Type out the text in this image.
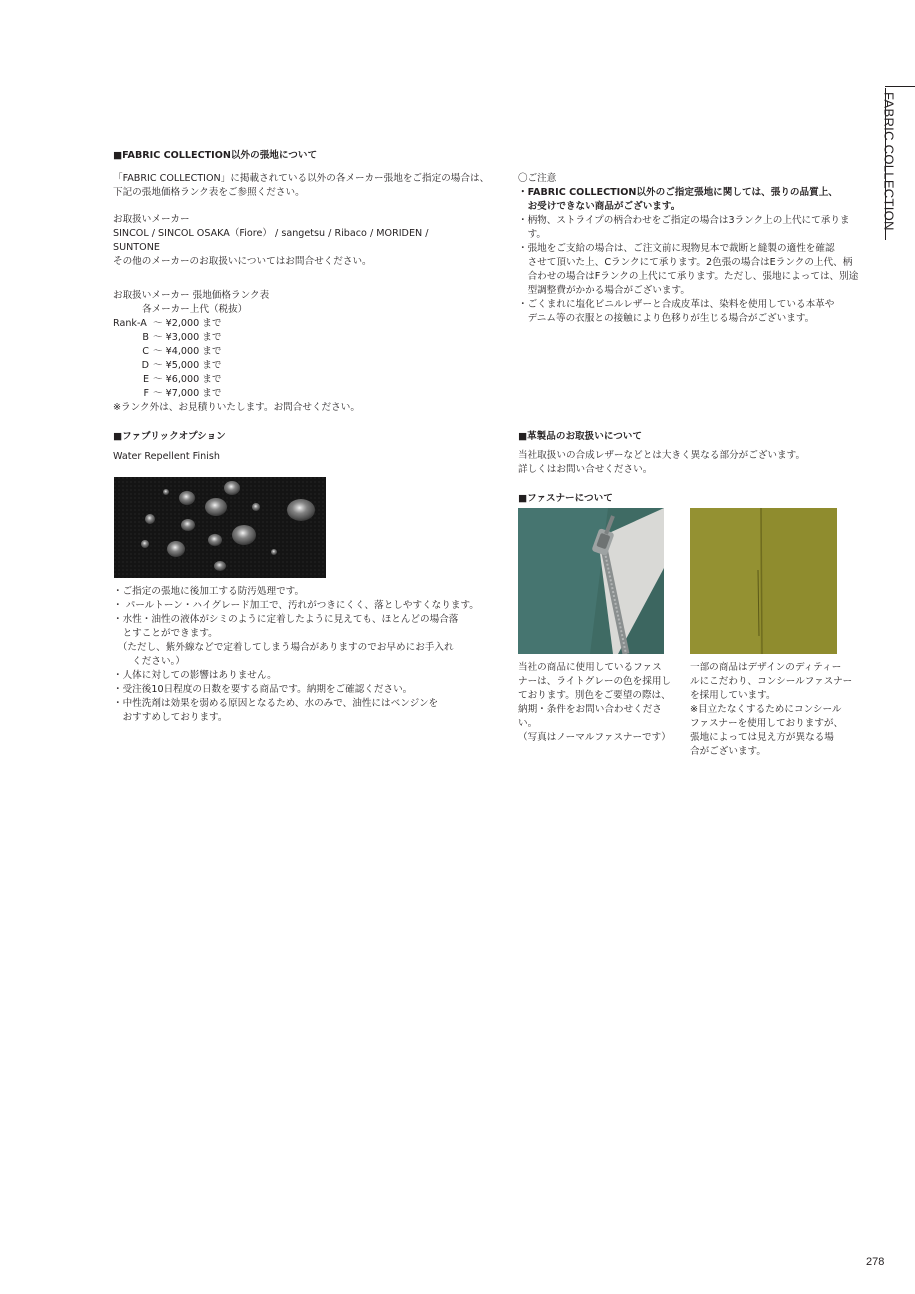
FABRIC COLLECTION
■FABRIC COLLECTION以外の張地について
「FABRIC COLLECTION」に掲載されている以外の各メーカー張地をご指定の場合は、
下記の張地価格ランク表をご参照ください。
お取扱いメーカー
SINCOL / SINCOL OSAKA（Fiore） / sangetsu / Ribaco / MORIDEN /
SUNTONE
その他のメーカーのお取扱いについてはお問合せください。
お取扱いメーカー 張地価格ランク表
各メーカー上代（税抜）
Rank-A ～ ¥2,000 まで
B ～ ¥3,000 まで
C ～ ¥4,000 まで
D ～ ¥5,000 まで
E ～ ¥6,000 まで
F ～ ¥7,000 まで
※ランク外は、お見積りいたします。お問合せください。
〇ご注意
・FABRIC COLLECTION以外のご指定張地に関しては、張りの品質上、
　お受けできない商品がございます。
・柄物、ストライプの柄合わせをご指定の場合は3ランク上の上代にて承りま
　す。
・張地をご支給の場合は、ご注文前に現物見本で裁断と縫製の適性を確認
　させて頂いた上、Cランクにて承ります。2色張の場合はEランクの上代、柄
　合わせの場合はFランクの上代にて承ります。ただし、張地によっては、別途
　型調整費がかかる場合がございます。
・ごくまれに塩化ビニルレザーと合成皮革は、染料を使用している本革や
　デニム等の衣服との接触により色移りが生じる場合がございます。
■ファブリックオプション
Water Repellent Finish
・ご指定の張地に後加工する防汚処理です。
・ パールトーン・ハイグレード加工で、汚れがつきにくく、落としやすくなります。
・水性・油性の液体がシミのように定着したように見えても、ほとんどの場合落
　とすことができます。
　（ただし、紫外線などで定着してしまう場合がありますのでお早めにお手入れ
　　ください。）
・人体に対しての影響はありません。
・受注後10日程度の日数を要する商品です。納期をご確認ください。
・中性洗剤は効果を弱める原因となるため、水のみで、油性にはベンジンを
　おすすめしております。
■革製品のお取扱いについて
当社取扱いの合成レザーなどとは大きく異なる部分がございます。
詳しくはお問い合せください。
■ファスナーについて
当社の商品に使用しているファス
ナーは、ライトグレーの色を採用し
ております。別色をご要望の際は、
納期・条件をお問い合わせくださ
い。
（写真はノーマルファスナーです）
一部の商品はデザインのディティー
ルにこだわり、コンシールファスナー
を採用しています。
※目立たなくするためにコンシール
ファスナーを使用しておりますが、
張地によっては見え方が異なる場
合がございます。
278
